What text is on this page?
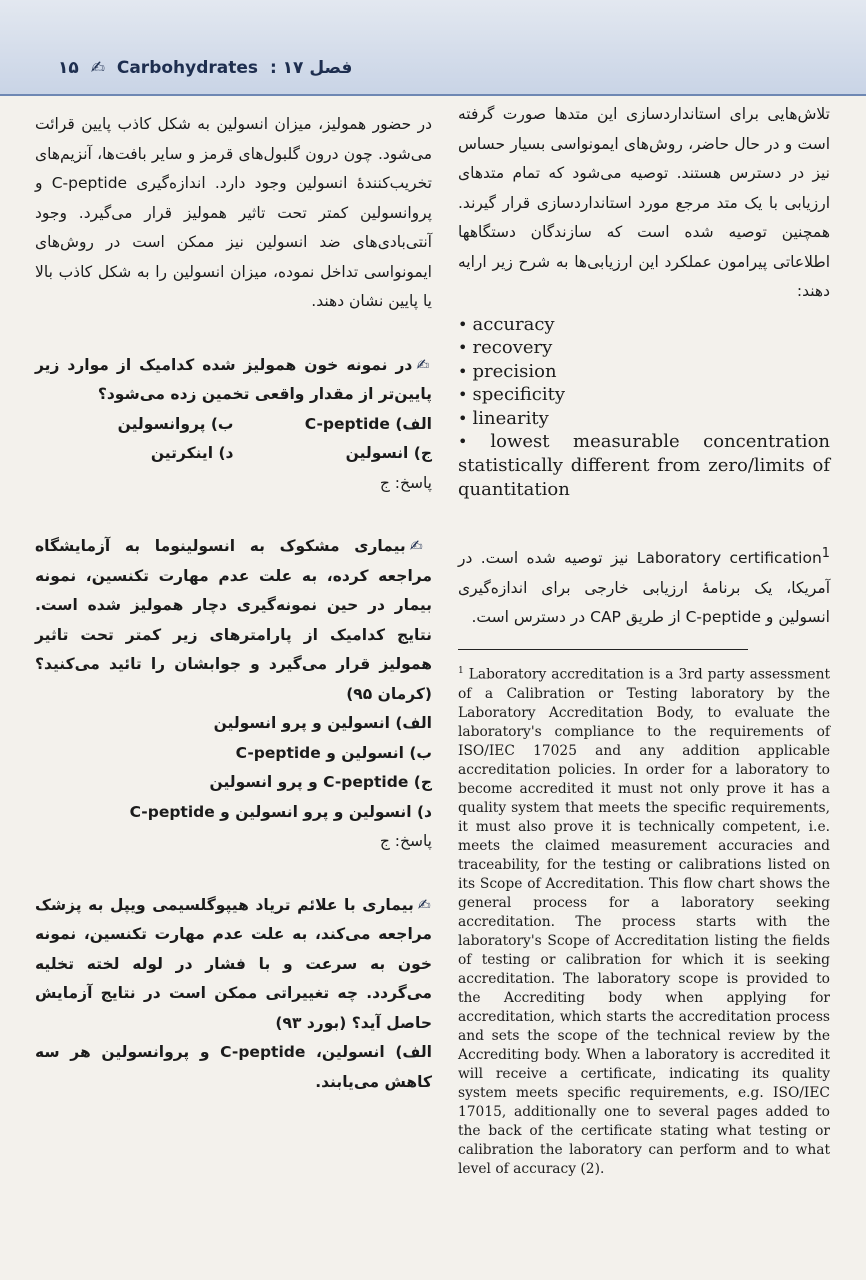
۱۵ ✍ Carbohydrates : فصل ۱۷

تلاش‌هایی برای استانداردسازی این متدها صورت گرفته است و در حال حاضر، روش‌های ایمونواسی بسیار حساس نیز در دسترس هستند. توصیه می‌شود که تمام متدهای ارزیابی با یک متد مرجع مورد استانداردسازی قرار گیرند. همچنین توصیه شده است که سازندگان دستگاهها اطلاعاتی پیرامون عملکرد این ارزیابی‌ها به شرح زیر ارایه دهند:

• accuracy
• recovery
• precision
• specificity
• linearity
• lowest measurable concentration statistically different from zero/limits of quantitation

Laboratory certification$^1$ نیز توصیه شده است. در آمریکا، یک برنامهٔ ارزیابی خارجی برای اندازه‌گیری انسولین و C-peptide از طریق CAP در دسترس است.

$^1$ Laboratory accreditation is a 3rd party assessment of a Calibration or Testing laboratory by the Laboratory Accreditation Body, to evaluate the laboratory's compliance to the requirements of ISO/IEC 17025 and any addition applicable accreditation policies. In order for a laboratory to become accredited it must not only prove it has a quality system that meets the specific requirements, it must also prove it is technically competent, i.e. meets the claimed measurement accuracies and traceability, for the testing or calibrations listed on its Scope of Accreditation. This flow chart shows the general process for a laboratory seeking accreditation. The process starts with the laboratory's Scope of Accreditation listing the fields of testing or calibration for which it is seeking accreditation. The laboratory scope is provided to the Accrediting body when applying for accreditation, which starts the accreditation process and sets the scope of the technical review by the Accrediting body. When a laboratory is accredited it will receive a certificate, indicating its quality system meets specific requirements, e.g. ISO/IEC 17015, additionally one to several pages added to the back of the certificate stating what testing or calibration the laboratory can perform and to what level of accuracy (2).

در حضور همولیز، میزان انسولین به شکل کاذب پایین قرائت می‌شود. چون درون گلبول‌های قرمز و سایر بافت‌ها، آنزیم‌های تخریب‌کنندهٔ انسولین وجود دارد. اندازه‌گیری C-peptide و پروانسولین کمتر تحت تاثیر همولیز قرار می‌گیرد. وجود آنتی‌بادی‌های ضد انسولین نیز ممکن است در روش‌های ایمونواسی تداخل نموده، میزان انسولین را به شکل کاذب بالا یا پایین نشان دهند.

✍در نمونه خون همولیز شده کدامیک از موارد زیر پایین‌تر از مقدار واقعی تخمین زده می‌شود؟

الف) C-peptide
ب) پروانسولین
ج) انسولین
د) اینکرتین

پاسخ: ج

✍بیماری مشکوک به انسولینوما به آزمایشگاه مراجعه کرده، به علت عدم مهارت تکنسین، نمونه بیمار در حین نمونه‌گیری دچار همولیز شده است. نتایج کدامیک از پارامترهای زیر کمتر تحت تاثیر همولیز قرار می‌گیرد و جوابشان را تائید می‌کنید؟ (کرمان ۹۵)

الف) انسولین و پرو انسولین

ب) انسولین و C-peptide

ج) C-peptide و پرو انسولین

د) انسولین و پرو انسولین و C-peptide

پاسخ: ج

✍بیماری با علائم تریاد هیپوگلسیمی ویپل به پزشک مراجعه می‌کند، به علت عدم مهارت تکنسین، نمونه خون به سرعت و با فشار در لوله لخته تخلیه می‌گردد. چه تغییراتی ممکن است در نتایج آزمایش حاصل آید؟ (بورد ۹۳)

الف) انسولین، C-peptide و پروانسولین هر سه کاهش می‌یابند.
